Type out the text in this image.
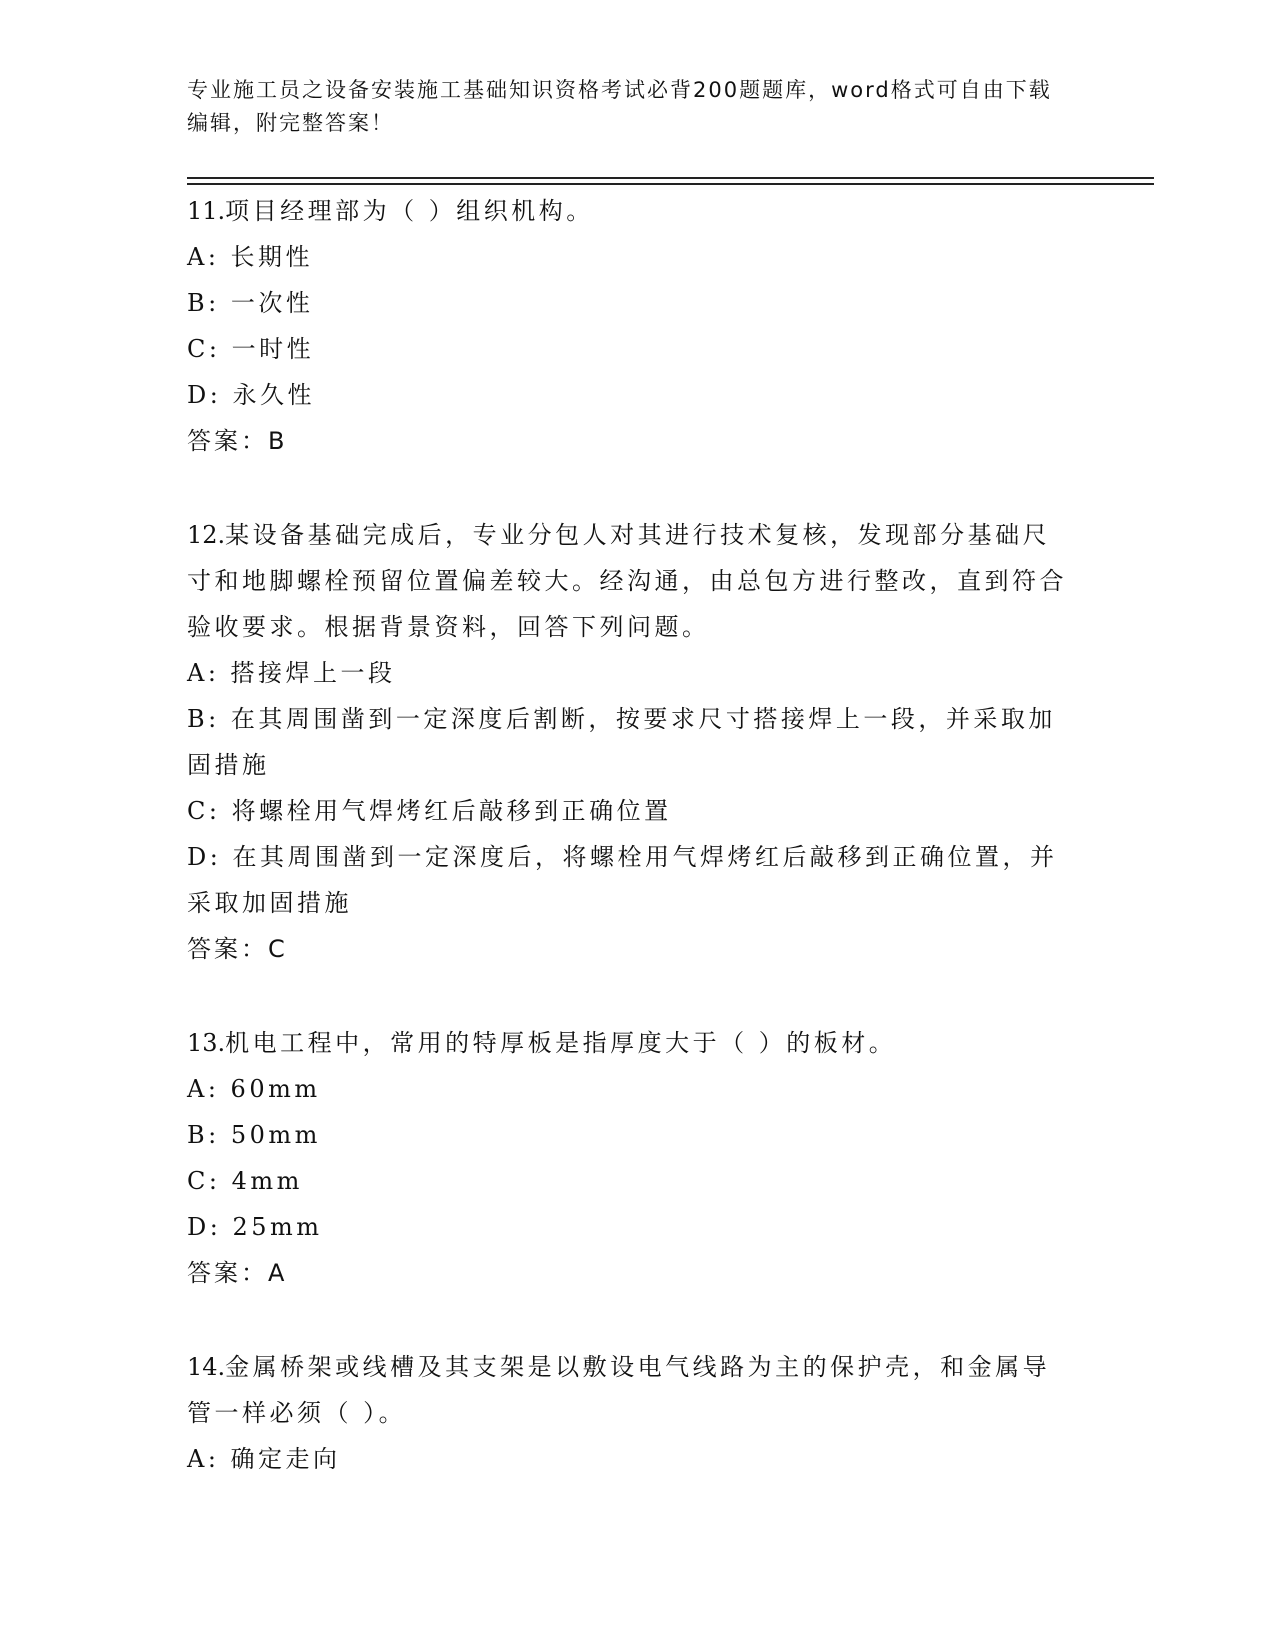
专业施工员之设备安装施工基础知识资格考试必背200题题库，word格式可自由下载编辑，附完整答案！

11.项目经理部为（ ）组织机构。

A: 长期性

B: 一次性

C: 一时性

D: 永久性

答案：B

12.某设备基础完成后，专业分包人对其进行技术复核，发现部分基础尺寸和地脚螺栓预留位置偏差较大。经沟通，由总包方进行整改，直到符合验收要求。根据背景资料，回答下列问题。

A: 搭接焊上一段

B: 在其周围凿到一定深度后割断，按要求尺寸搭接焊上一段，并采取加固措施

C: 将螺栓用气焊烤红后敲移到正确位置

D: 在其周围凿到一定深度后，将螺栓用气焊烤红后敲移到正确位置，并采取加固措施

答案：C

13.机电工程中，常用的特厚板是指厚度大于（ ）的板材。

A: 60mm

B: 50mm

C: 4mm

D: 25mm

答案：A

14.金属桥架或线槽及其支架是以敷设电气线路为主的保护壳，和金属导管一样必须（ ）。

A: 确定走向
